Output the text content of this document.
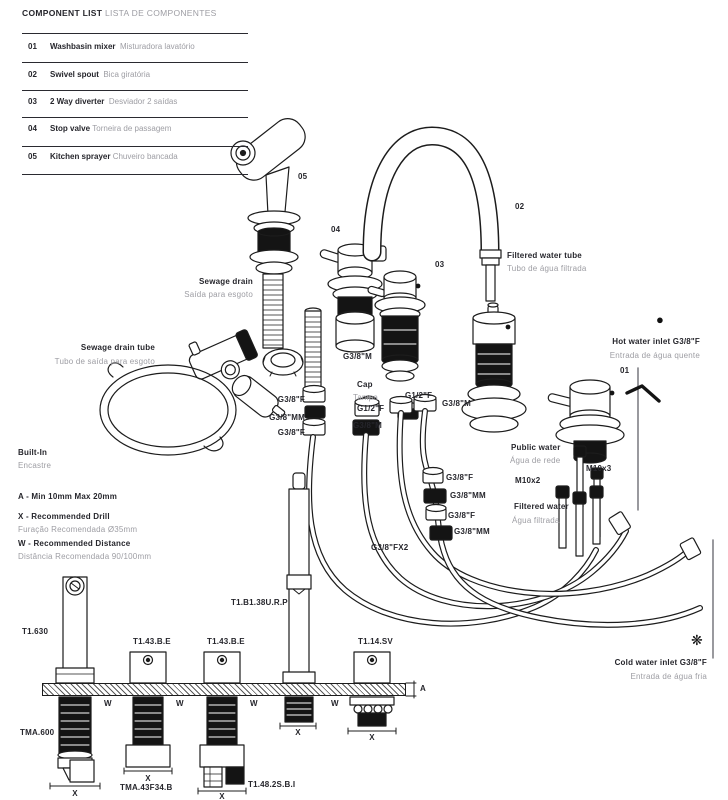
COMPONENT LIST LISTA DE COMPONENTES
01 Washbasin mixer Misturadora lavatório
02 Swivel spout Bica giratória
03 2 Way diverter Desviador 2 saídas
04 Stop valve Torneira de passagem
05 Kitchen sprayer Chuveiro bancada
05
04
03
02
01
Sewage drain
Saída para esgoto
Sewage drain tube
Tubo de saída para esgoto
Filtered water tube
Tubo de água filtrada
Hot water inlet G3/8"F
Entrada de água quente
Cold water inlet G3/8"F
Entrada de água fria
Public water
Água de rede
M10x2
M10x3
Filtered water
Água filtrada
Cap
Tampa
G3/8"M
G1/2"F
G3/8"M
G1/2"F
G3/8"M
G3/8"F
G3/8"MM
G3/8"F
G3/8"F
G3/8"MM
G3/8"F
G3/8"MM
G3/8"FX2
Built-In
Encastre
A - Min 10mm Max 20mm
X - Recommended Drill
Furação Recomendada Ø35mm
W - Recommended Distance
Distância Recomendada 90/100mm
T1.630
TMA.600
T1.43.B.E
TMA.43F34.B
T1.43.B.E
T1.48.2S.B.I
T1.B1.38U.R.P
T1.14.SV
W	W	W	W
X
X
X
X
X
A
●
❋
